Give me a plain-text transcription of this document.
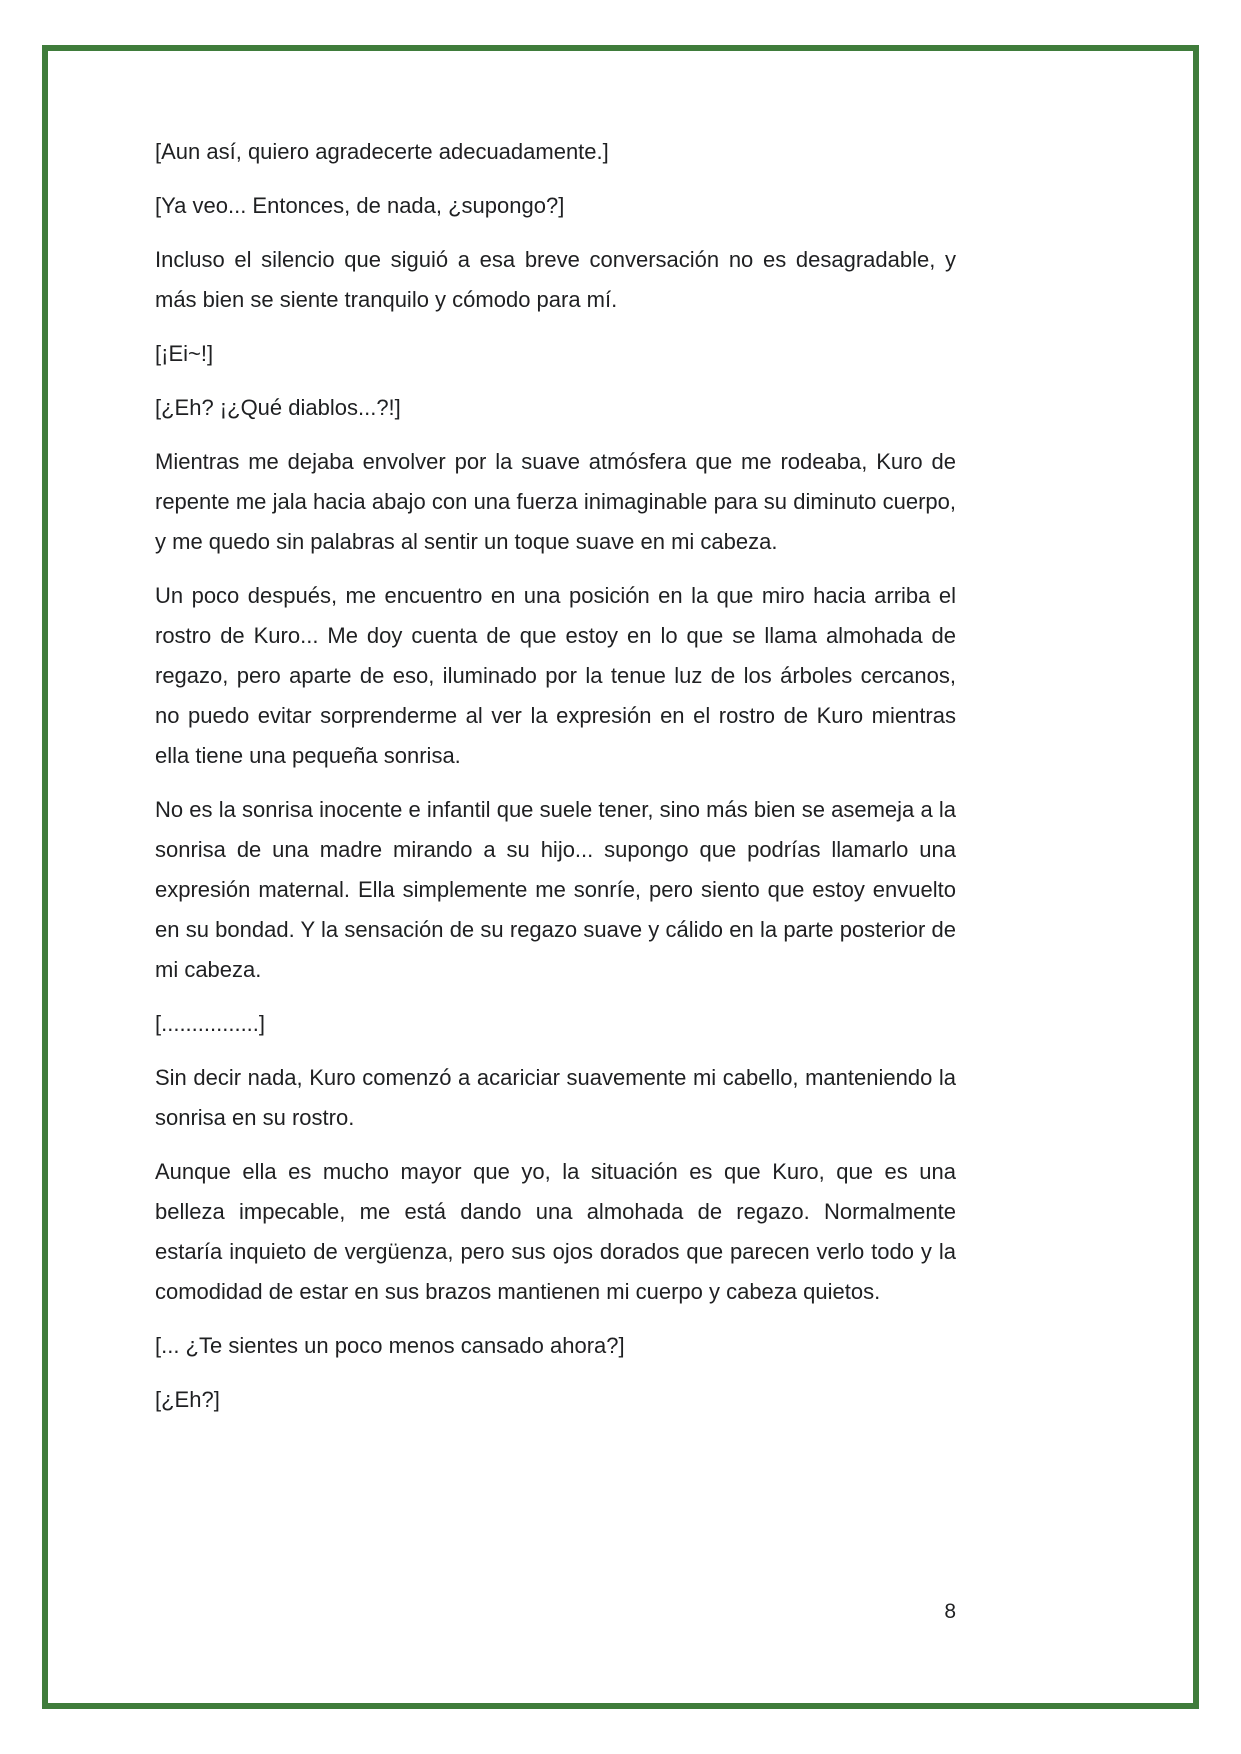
[Aun así, quiero agradecerte adecuadamente.]

[Ya veo... Entonces, de nada, ¿supongo?]

Incluso el silencio que siguió a esa breve conversación no es desagradable, y más bien se siente tranquilo y cómodo para mí.

[¡Ei~!]

[¿Eh? ¡¿Qué diablos...?!]

Mientras me dejaba envolver por la suave atmósfera que me rodeaba, Kuro de repente me jala hacia abajo con una fuerza inimaginable para su diminuto cuerpo, y me quedo sin palabras al sentir un toque suave en mi cabeza.

Un poco después, me encuentro en una posición en la que miro hacia arriba el rostro de Kuro... Me doy cuenta de que estoy en lo que se llama almohada de regazo, pero aparte de eso, iluminado por la tenue luz de los árboles cercanos, no puedo evitar sorprenderme al ver la expresión en el rostro de Kuro mientras ella tiene una pequeña sonrisa.

No es la sonrisa inocente e infantil que suele tener, sino más bien se asemeja a la sonrisa de una madre mirando a su hijo... supongo que podrías llamarlo una expresión maternal. Ella simplemente me sonríe, pero siento que estoy envuelto en su bondad. Y la sensación de su regazo suave y cálido en la parte posterior de mi cabeza.

[................]

Sin decir nada, Kuro comenzó a acariciar suavemente mi cabello, manteniendo la sonrisa en su rostro.

Aunque ella es mucho mayor que yo, la situación es que Kuro, que es una belleza impecable, me está dando una almohada de regazo. Normalmente estaría inquieto de vergüenza, pero sus ojos dorados que parecen verlo todo y la comodidad de estar en sus brazos mantienen mi cuerpo y cabeza quietos.

[... ¿Te sientes un poco menos cansado ahora?]

[¿Eh?]

8
